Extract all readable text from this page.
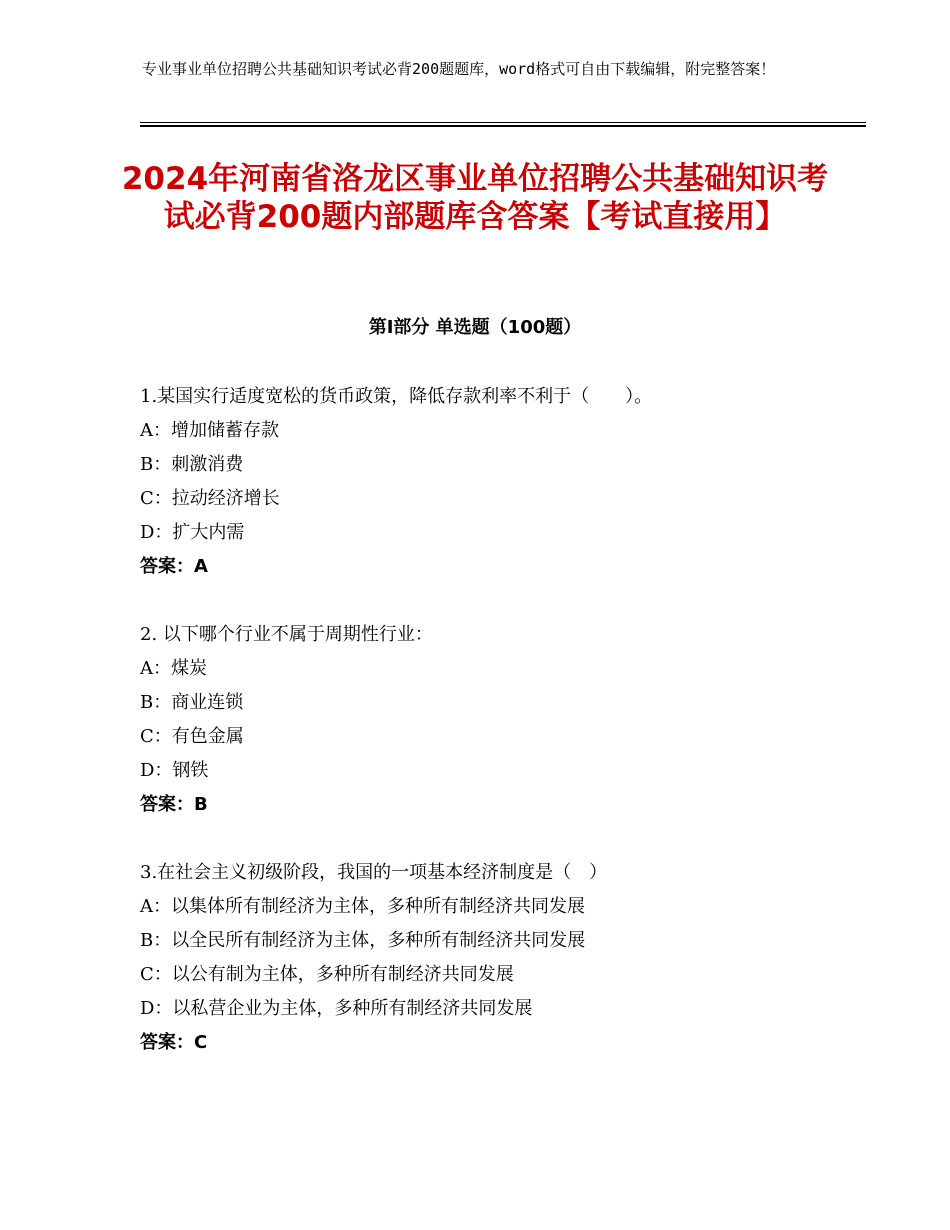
专业事业单位招聘公共基础知识考试必背200题题库，word格式可自由下载编辑，附完整答案！
2024年河南省洛龙区事业单位招聘公共基础知识考试必背200题内部题库含答案【考试直接用】
第Ⅰ部分 单选题（100题）
1.某国实行适度宽松的货币政策，降低存款利率不利于（　　）。
A：增加储蓄存款
B：刺激消费
C：拉动经济增长
D：扩大内需
答案：A
2. 以下哪个行业不属于周期性行业：
A：煤炭
B：商业连锁
C：有色金属
D：钢铁
答案：B
3.在社会主义初级阶段，我国的一项基本经济制度是（　）
A：以集体所有制经济为主体，多种所有制经济共同发展
B：以全民所有制经济为主体，多种所有制经济共同发展
C：以公有制为主体，多种所有制经济共同发展
D：以私营企业为主体，多种所有制经济共同发展
答案：C
